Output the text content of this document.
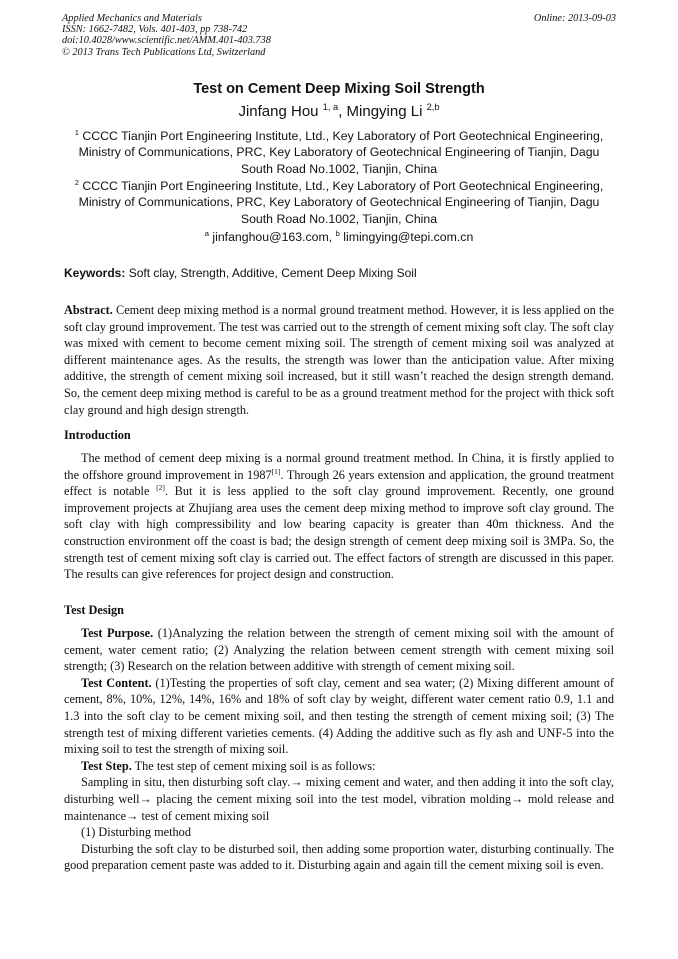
Applied Mechanics and Materials
ISSN: 1662-7482, Vols. 401-403, pp 738-742
doi:10.4028/www.scientific.net/AMM.401-403.738
© 2013 Trans Tech Publications Ltd, Switzerland
Online: 2013-09-03
Test on Cement Deep Mixing Soil Strength
Jinfang Hou $^{1, a}$, Mingying Li $^{2,b}$
$^1$ CCCC Tianjin Port Engineering Institute, Ltd., Key Laboratory of Port Geotechnical Engineering, Ministry of Communications, PRC, Key Laboratory of Geotechnical Engineering of Tianjin, Dagu South Road No.1002, Tianjin, China
$^2$ CCCC Tianjin Port Engineering Institute, Ltd., Key Laboratory of Port Geotechnical Engineering, Ministry of Communications, PRC, Key Laboratory of Geotechnical Engineering of Tianjin, Dagu South Road No.1002, Tianjin, China
$^a$ jinfanghou@163.com, $^b$ limingying@tepi.com.cn
Keywords: Soft clay, Strength, Additive, Cement Deep Mixing Soil

Abstract. Cement deep mixing method is a normal ground treatment method. However, it is less applied on the soft clay ground improvement. The test was carried out to the strength of cement mixing soft clay. The soft clay was mixed with cement to become cement mixing soil. The strength of cement mixing soil was analyzed at different maintenance ages. As the results, the strength was lower than the anticipation value. After mixing additive, the strength of cement mixing soil increased, but it still wasn’t reached the design strength demand. So, the cement deep mixing method is careful to be as a ground treatment method for the project with thick soft clay ground and high design strength.

Introduction

The method of cement deep mixing is a normal ground treatment method. In China, it is firstly applied to the offshore ground improvement in 1987[1]. Through 26 years extension and application, the ground treatment effect is notable [2]. But it is less applied to the soft clay ground improvement. Recently, one ground improvement projects at Zhujiang area uses the cement deep mixing method to improve soft clay ground. The soft clay with high compressibility and low bearing capacity is greater than 40m thickness. And the construction environment off the coast is bad; the design strength of cement deep mixing soil is 3MPa. So, the strength test of cement mixing soft clay is carried out. The effect factors of strength are discussed in this paper. The results can give references for project design and construction.

Test Design

Test Purpose. (1)Analyzing the relation between the strength of cement mixing soil with the amount of cement, water cement ratio; (2) Analyzing the relation between cement strength with cement mixing soil strength; (3) Research on the relation between additive with strength of cement mixing soil.

Test Content. (1)Testing the properties of soft clay, cement and sea water; (2) Mixing different amount of cement, 8%, 10%, 12%, 14%, 16% and 18% of soft clay by weight, different water cement ratio 0.9, 1.1 and 1.3 into the soft clay to be cement mixing soil, and then testing the strength of cement mixing soil; (3) The strength test of mixing different varieties cements. (4) Adding the additive such as fly ash and UNF-5 into the mixing soil to test the strength of mixing soil.

Test Step. The test step of cement mixing soil is as follows:

Sampling in situ, then disturbing soft clay.→ mixing cement and water, and then adding it into the soft clay, disturbing well→ placing the cement mixing soil into the test model, vibration molding→ mold release and maintenance→ test of cement mixing soil

(1) Disturbing method

Disturbing the soft clay to be disturbed soil, then adding some proportion water, disturbing continually. The good preparation cement paste was added to it. Disturbing again and again till the cement mixing soil is even.
